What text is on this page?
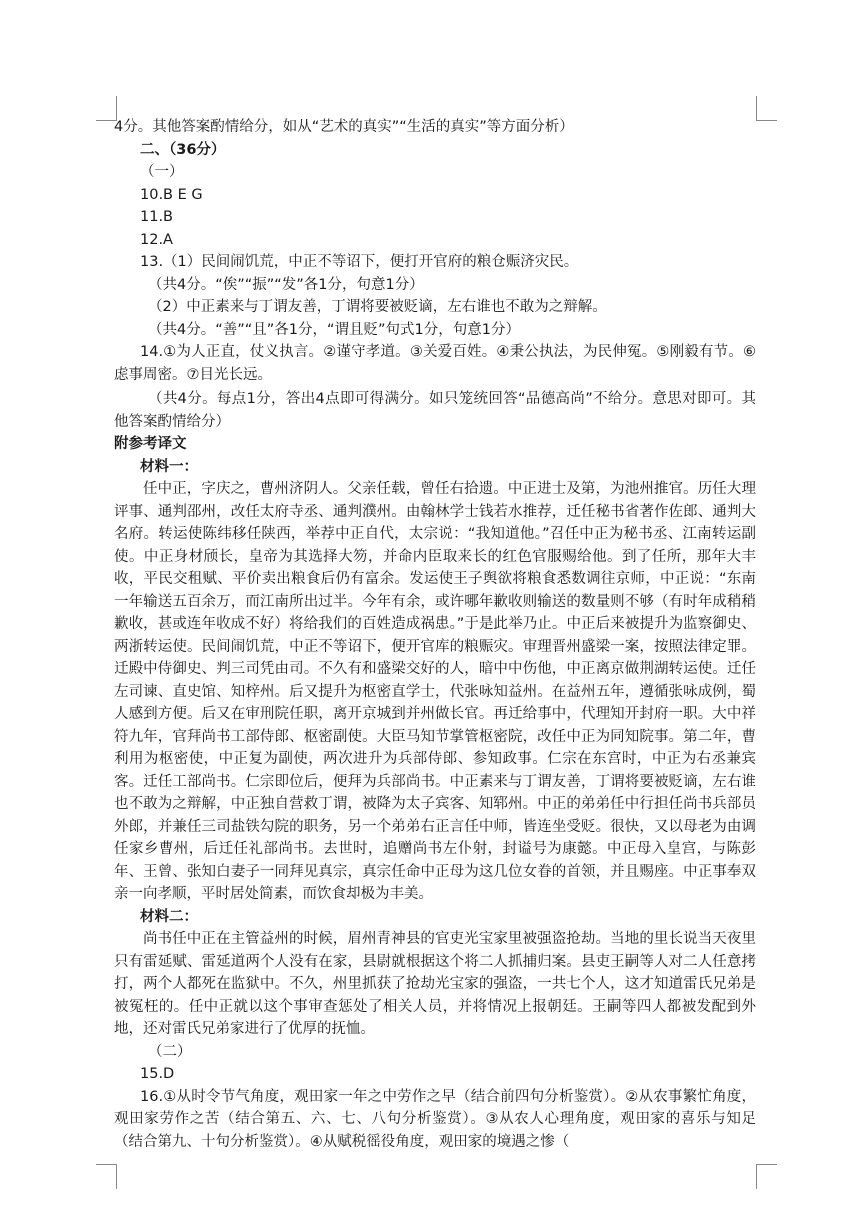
4分。其他答案酌情给分，如从“艺术的真实”“生活的真实”等方面分析）
二、（36分）
（一）
10.B E G
11.B
12.A
13.（1）民间闹饥荒，中正不等诏下，便打开官府的粮仓赈济灾民。
（共4分。“俟”“振”“发”各1分，句意1分）
（2）中正素来与丁谓友善，丁谓将要被贬谪，左右谁也不敢为之辩解。
（共4分。“善”“且”各1分，“谓且贬”句式1分，句意1分）
14.①为人正直，仗义执言。②谨守孝道。③关爱百姓。④秉公执法，为民伸冤。⑤刚毅有节。⑥虑事周密。⑦目光长远。
（共4分。每点1分，答出4点即可得满分。如只笼统回答“品德高尚”不给分。意思对即可。其他答案酌情给分）
附参考译文
材料一：
任中正，字庆之，曹州济阴人。父亲任载，曾任右拾遗。中正进士及第，为池州推官。历任大理评事、通判邵州，改任太府寺丞、通判濮州。由翰林学士钱若水推荐，迁任秘书省著作佐郎、通判大名府。转运使陈纬移任陕西，举荐中正自代，太宗说：“我知道他。”召任中正为秘书丞、江南转运副使。中正身材颀长，皇帝为其选择大笏，并命内臣取来长的红色官服赐给他。到了任所，那年大丰收，平民交租赋、平价卖出粮食后仍有富余。发运使王子舆欲将粮食悉数调往京师，中正说：“东南一年输送五百余万，而江南所出过半。今年有余，或许哪年歉收则输送的数量则不够（有时年成稍稍歉收，甚或连年收成不好）将给我们的百姓造成祸患。”于是此举乃止。中正后来被提升为监察御史、两浙转运使。民间闹饥荒，中正不等诏下，便开官库的粮赈灾。审理晋州盛梁一案，按照法律定罪。迁殿中侍御史、判三司凭由司。不久有和盛梁交好的人，暗中中伤他，中正离京做荆湖转运使。迁任左司谏、直史馆、知梓州。后又提升为枢密直学士，代张咏知益州。在益州五年，遵循张咏成例，蜀人感到方便。后又在审刑院任职，离开京城到并州做长官。再迁给事中，代理知开封府一职。大中祥符九年，官拜尚书工部侍郎、枢密副使。大臣马知节掌管枢密院，改任中正为同知院事。第二年，曹利用为枢密使，中正复为副使，两次进升为兵部侍郎、参知政事。仁宗在东宫时，中正为右丞兼宾客。迁任工部尚书。仁宗即位后，便拜为兵部尚书。中正素来与丁谓友善，丁谓将要被贬谪，左右谁也不敢为之辩解，中正独自营救丁谓，被降为太子宾客、知郓州。中正的弟弟任中行担任尚书兵部员外郎，并兼任三司盐铁勾院的职务，另一个弟弟右正言任中师，皆连坐受贬。很快，又以母老为由调任家乡曹州，后迁任礼部尚书。去世时，追赠尚书左仆射，封谥号为康懿。中正母入皇宫，与陈彭年、王曾、张知白妻子一同拜见真宗，真宗任命中正母为这几位女眷的首领，并且赐座。中正事奉双亲一向孝顺，平时居处简素，而饮食却极为丰美。
材料二：
尚书任中正在主管益州的时候，眉州青神县的官吏光宝家里被强盗抢劫。当地的里长说当天夜里只有雷延赋、雷延道两个人没有在家，县尉就根据这个将二人抓捕归案。县吏王嗣等人对二人任意拷打，两个人都死在监狱中。不久，州里抓获了抢劫光宝家的强盗，一共七个人，这才知道雷氏兄弟是被冤枉的。任中正就以这个事审查惩处了相关人员，并将情况上报朝廷。王嗣等四人都被发配到外地，还对雷氏兄弟家进行了优厚的抚恤。
（二）
15.D
16.①从时令节气角度，观田家一年之中劳作之早（结合前四句分析鉴赏）。②从农事繁忙角度，观田家劳作之苦（结合第五、六、七、八句分析鉴赏）。③从农人心理角度，观田家的喜乐与知足（结合第九、十句分析鉴赏）。④从赋税徭役角度，观田家的境遇之惨（
